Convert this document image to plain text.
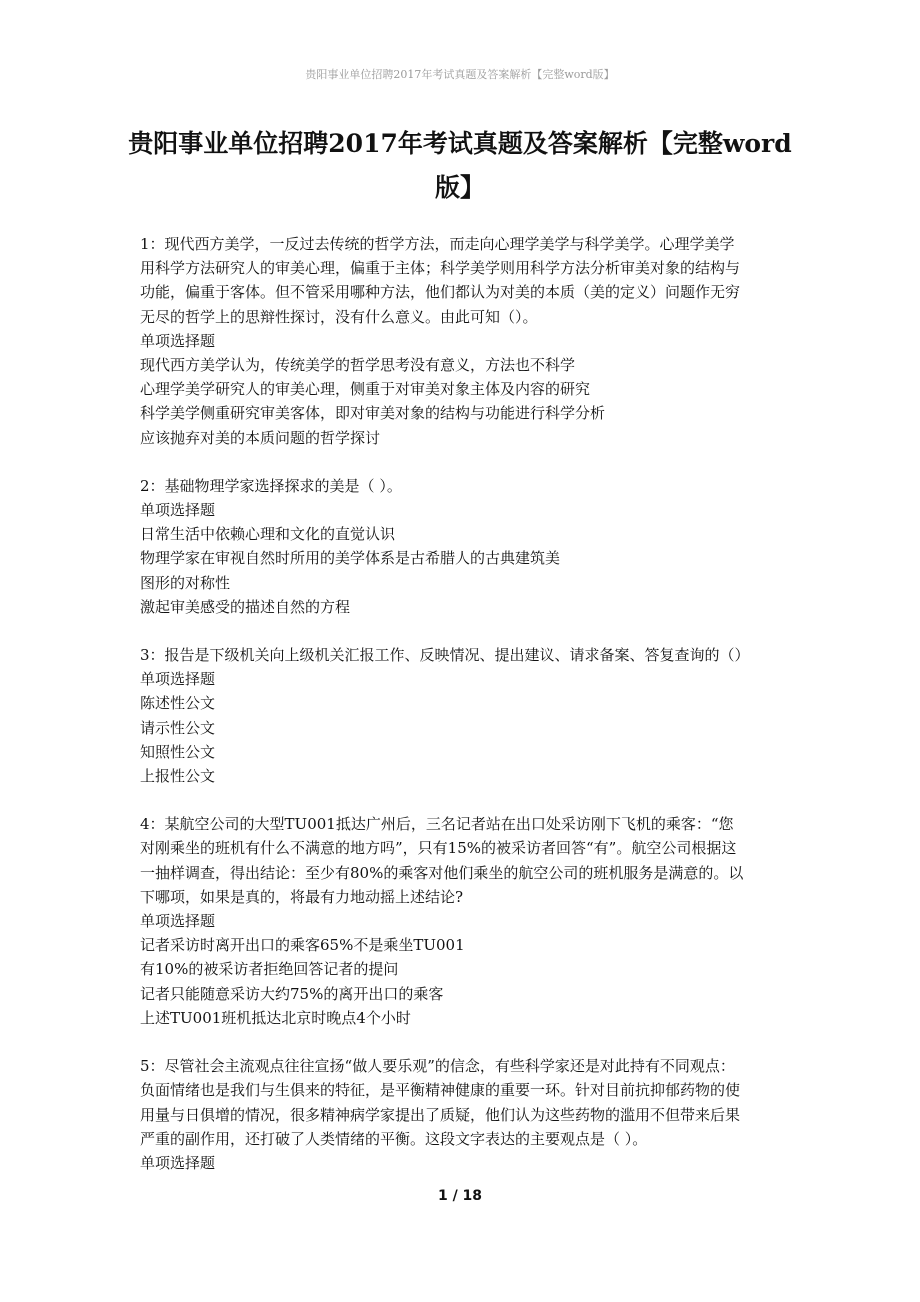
贵阳事业单位招聘2017年考试真题及答案解析【完整word版】
贵阳事业单位招聘2017年考试真题及答案解析【完整word版】

1：现代西方美学，一反过去传统的哲学方法，而走向心理学美学与科学美学。心理学美学

用科学方法研究人的审美心理，偏重于主体；科学美学则用科学方法分析审美对象的结构与

功能，偏重于客体。但不管采用哪种方法，他们都认为对美的本质（美的定义）问题作无穷

无尽的哲学上的思辩性探讨，没有什么意义。由此可知（）。

单项选择题

现代西方美学认为，传统美学的哲学思考没有意义，方法也不科学

心理学美学研究人的审美心理，侧重于对审美对象主体及内容的研究

科学美学侧重研究审美客体，即对审美对象的结构与功能进行科学分析

应该抛弃对美的本质问题的哲学探讨

2：基础物理学家选择探求的美是（ ）。

单项选择题

日常生活中依赖心理和文化的直觉认识

物理学家在审视自然时所用的美学体系是古希腊人的古典建筑美

图形的对称性

激起审美感受的描述自然的方程

3：报告是下级机关向上级机关汇报工作、反映情况、提出建议、请求备案、答复查询的（）

单项选择题

陈述性公文

请示性公文

知照性公文

上报性公文

4：某航空公司的大型TU001抵达广州后，三名记者站在出口处采访刚下飞机的乘客：“您

对刚乘坐的班机有什么不满意的地方吗”，只有15%的被采访者回答“有”。航空公司根据这

一抽样调查，得出结论：至少有80%的乘客对他们乘坐的航空公司的班机服务是满意的。以

下哪项，如果是真的，将最有力地动摇上述结论?

单项选择题

记者采访时离开出口的乘客65%不是乘坐TU001

有10%的被采访者拒绝回答记者的提问

记者只能随意采访大约75%的离开出口的乘客

上述TU001班机抵达北京时晚点4个小时

5：尽管社会主流观点往往宣扬“做人要乐观”的信念，有些科学家还是对此持有不同观点：

负面情绪也是我们与生俱来的特征，是平衡精神健康的重要一环。针对目前抗抑郁药物的使

用量与日俱增的情况，很多精神病学家提出了质疑，他们认为这些药物的滥用不但带来后果

严重的副作用，还打破了人类情绪的平衡。这段文字表达的主要观点是（ ）。

单项选择题

1 / 18
